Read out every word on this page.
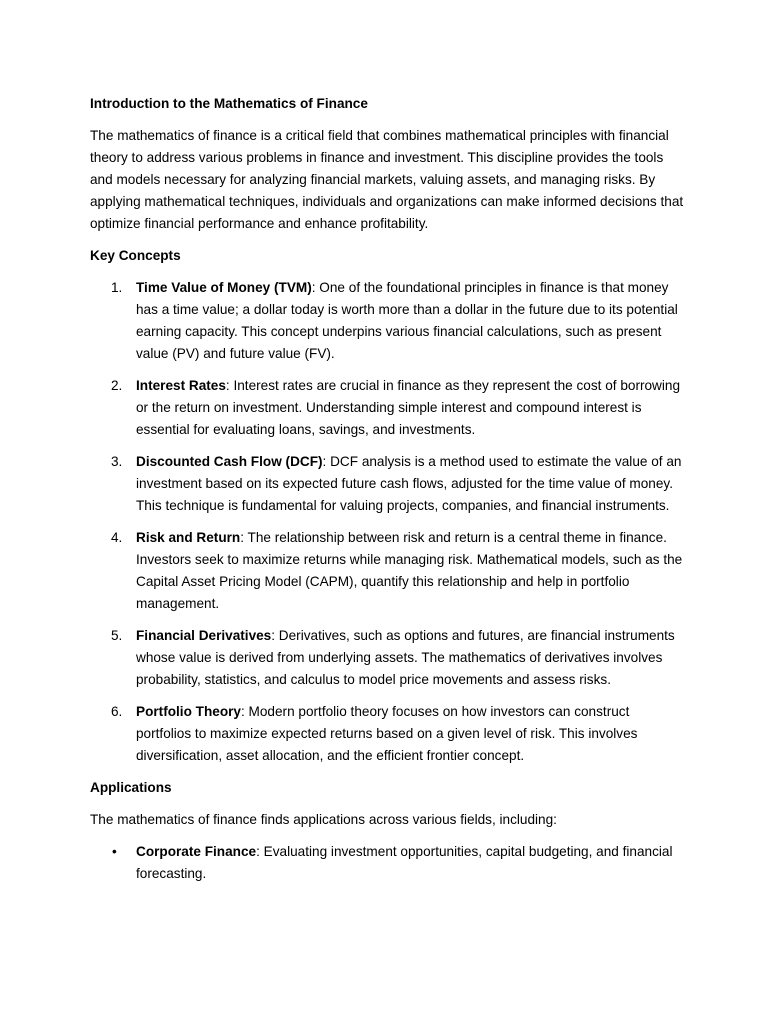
Introduction to the Mathematics of Finance
The mathematics of finance is a critical field that combines mathematical principles with financial theory to address various problems in finance and investment. This discipline provides the tools and models necessary for analyzing financial markets, valuing assets, and managing risks. By applying mathematical techniques, individuals and organizations can make informed decisions that optimize financial performance and enhance profitability.
Key Concepts
1. Time Value of Money (TVM): One of the foundational principles in finance is that money has a time value; a dollar today is worth more than a dollar in the future due to its potential earning capacity. This concept underpins various financial calculations, such as present value (PV) and future value (FV).
2. Interest Rates: Interest rates are crucial in finance as they represent the cost of borrowing or the return on investment. Understanding simple interest and compound interest is essential for evaluating loans, savings, and investments.
3. Discounted Cash Flow (DCF): DCF analysis is a method used to estimate the value of an investment based on its expected future cash flows, adjusted for the time value of money. This technique is fundamental for valuing projects, companies, and financial instruments.
4. Risk and Return: The relationship between risk and return is a central theme in finance. Investors seek to maximize returns while managing risk. Mathematical models, such as the Capital Asset Pricing Model (CAPM), quantify this relationship and help in portfolio management.
5. Financial Derivatives: Derivatives, such as options and futures, are financial instruments whose value is derived from underlying assets. The mathematics of derivatives involves probability, statistics, and calculus to model price movements and assess risks.
6. Portfolio Theory: Modern portfolio theory focuses on how investors can construct portfolios to maximize expected returns based on a given level of risk. This involves diversification, asset allocation, and the efficient frontier concept.
Applications
The mathematics of finance finds applications across various fields, including:
• Corporate Finance: Evaluating investment opportunities, capital budgeting, and financial forecasting.
